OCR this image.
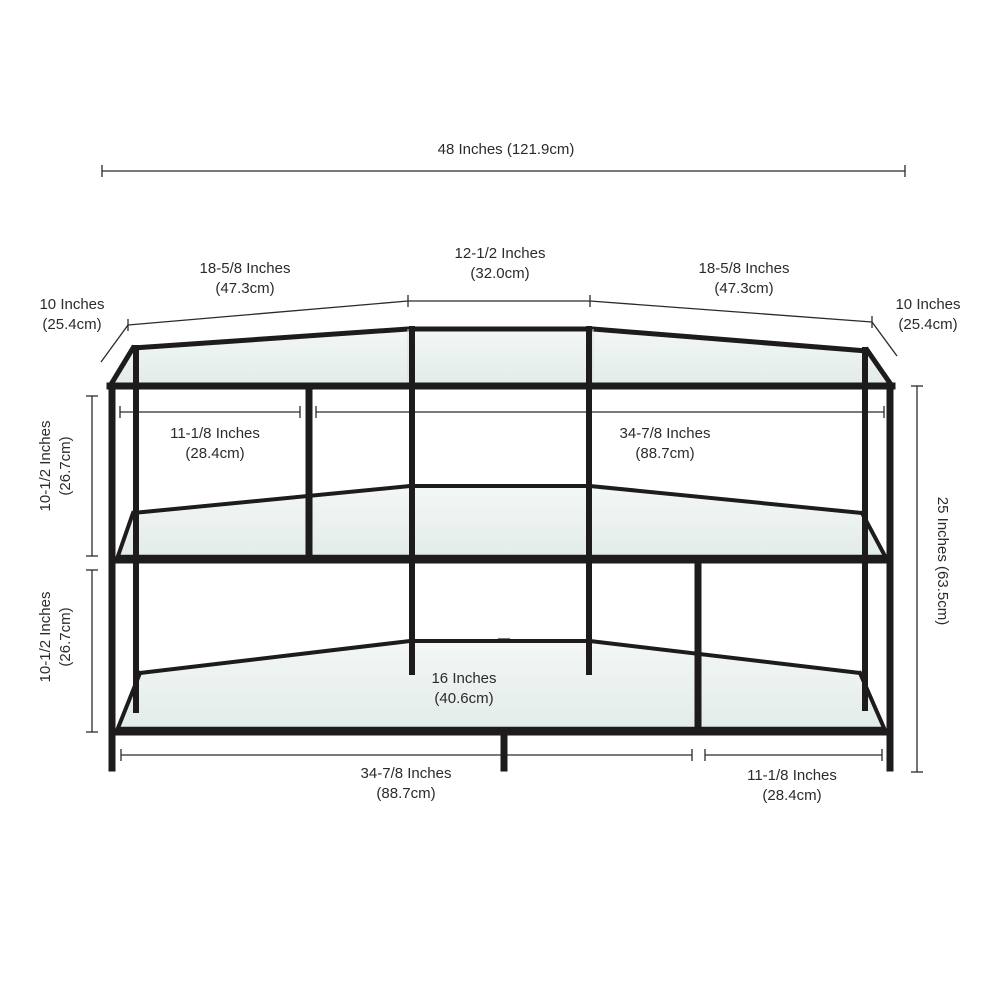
48 Inches (121.9cm)
12-1/2 Inches
(32.0cm)
18-5/8 Inches
(47.3cm)
18-5/8 Inches
(47.3cm)
10 Inches
(25.4cm)
10 Inches
(25.4cm)
11-1/8 Inches
(28.4cm)
34-7/8 Inches
(88.7cm)
16 Inches
(40.6cm)
34-7/8 Inches
(88.7cm)
11-1/8 Inches
(28.4cm)
10-1/2 Inches (26.7cm)
10-1/2 Inches (26.7cm)
25 Inches (63.5cm)
